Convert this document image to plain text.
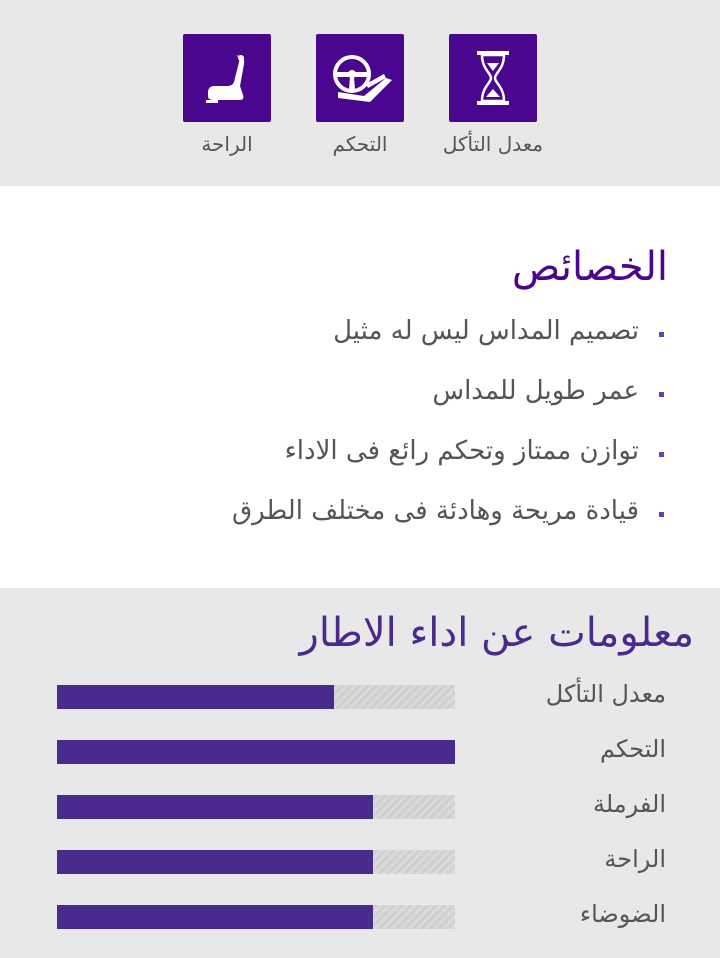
معدل التأكل
التحكم
الراحة
الخصائص
تصميم المداس ليس له مثيل
عمر طويل للمداس
توازن ممتاز وتحكم رائع فى الاداء
قيادة مريحة وهادئة فى مختلف الطرق
معلومات عن اداء الاطار
معدل التأكل
التحكم
الفرملة
الراحة
الضوضاء
